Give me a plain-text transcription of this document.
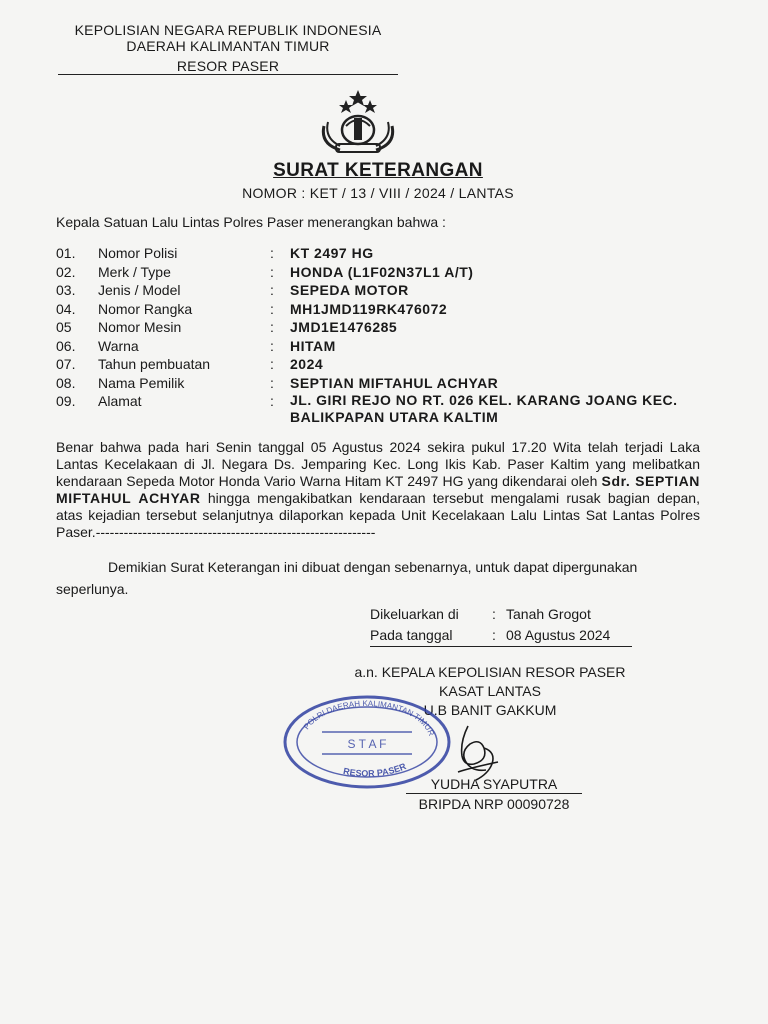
KEPOLISIAN NEGARA REPUBLIK INDONESIA
DAERAH KALIMANTAN TIMUR
RESOR PASER
SURAT KETERANGAN
NOMOR : KET / 13 / VIII / 2024 / LANTAS
Kepala Satuan Lalu Lintas Polres Paser menerangkan bahwa :
01.	Nomor Polisi	:	KT 2497 HG
02.	Merk / Type	:	HONDA (L1F02N37L1 A/T)
03.	Jenis / Model	:	SEPEDA MOTOR
04.	Nomor Rangka	:	MH1JMD119RK476072
05	Nomor Mesin	:	JMD1E1476285
06.	Warna	:	HITAM
07.	Tahun pembuatan	:	2024
08.	Nama Pemilik	:	SEPTIAN MIFTAHUL ACHYAR
09.	Alamat	:	JL. GIRI REJO NO RT. 026 KEL. KARANG JOANG KEC.
BALIKPAPAN UTARA KALTIM
Benar bahwa pada hari Senin tanggal 05 Agustus 2024 sekira pukul 17.20 Wita telah terjadi Laka Lantas Kecelakaan di Jl. Negara Ds. Jemparing Kec. Long Ikis Kab. Paser Kaltim yang melibatkan kendaraan Sepeda Motor Honda Vario Warna Hitam KT 2497 HG yang dikendarai oleh Sdr. SEPTIAN MIFTAHUL ACHYAR hingga mengakibatkan kendaraan tersebut mengalami rusak bagian depan, atas kejadian tersebut selanjutnya dilaporkan kepada Unit Kecelakaan Lalu Lintas Sat Lantas Polres Paser.------------------------------------------------------------
Demikian Surat Keterangan ini dibuat dengan sebenarnya, untuk dapat dipergunakan seperlunya.
Dikeluarkan di	: Tanah Grogot
Pada tanggal	: 08 Agustus 2024
a.n. KEPALA KEPOLISIAN RESOR PASER
KASAT LANTAS
U.B BANIT GAKKUM
POLRI DAERAH KALIMANTAN TIMUR
S T A F
RESOR PASER
YUDHA SYAPUTRA
BRIPDA NRP 00090728
